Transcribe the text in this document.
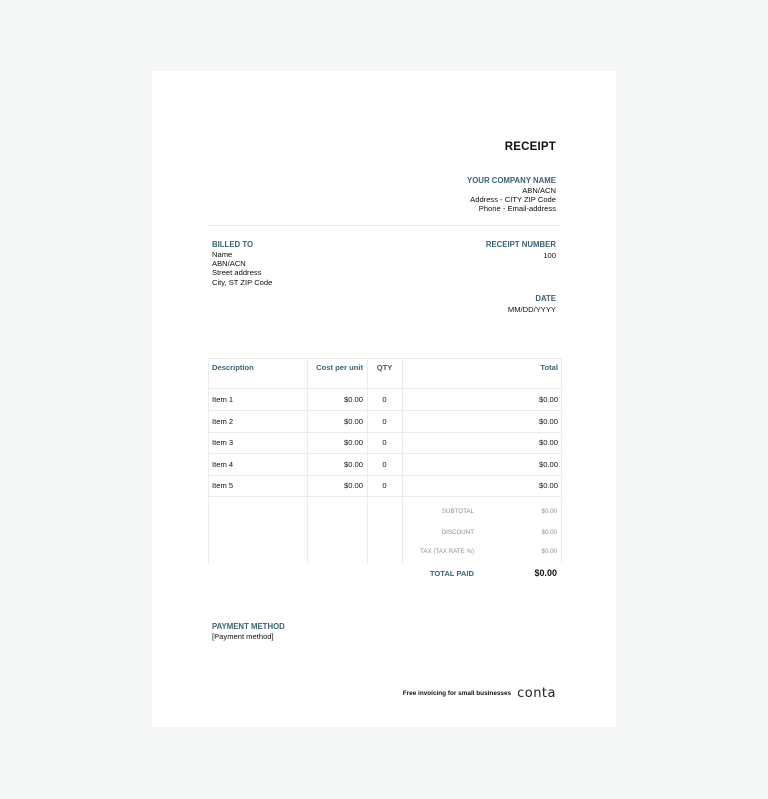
RECEIPT
YOUR COMPANY NAME
ABN/ACN
Address - CITY ZIP Code
Phone - Email-address
BILLED TO
Name
ABN/ACN
Street address
City, ST ZIP Code
RECEIPT NUMBER
100
DATE
MM/DD/YYYY
Description	Cost per unit	QTY	Total
Item 1	$0.00	0	$0.00
Item 2	$0.00	0	$0.00
Item 3	$0.00	0	$0.00
Item 4	$0.00	0	$0.00
Item 5	$0.00	0	$0.00
SUBTOTAL	$0.00
DISCOUNT	$0.00
TAX (TAX RATE %)	$0.00
TOTAL PAID	$0.00
PAYMENT METHOD
[Payment method]
Free invoicing for small businesses conta
